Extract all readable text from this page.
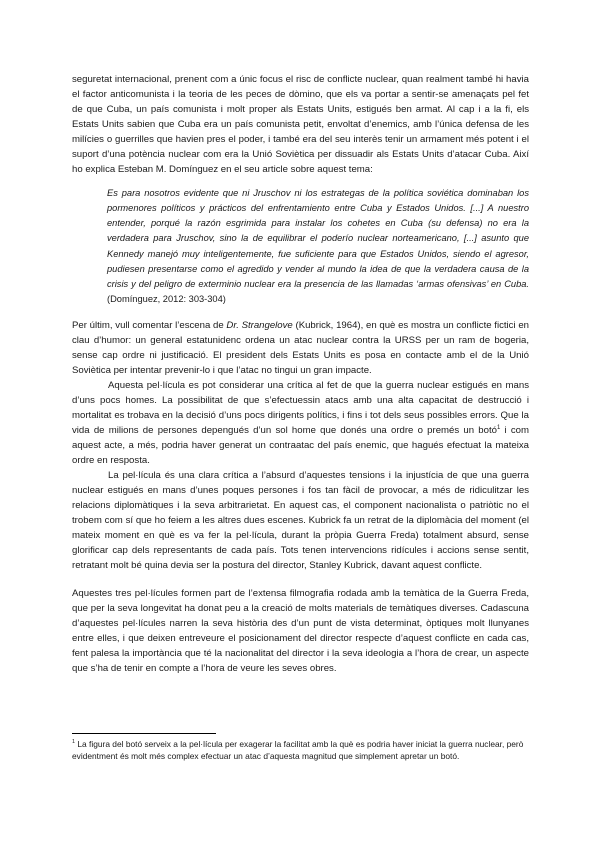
seguretat internacional, prenent com a únic focus el risc de conflicte nuclear, quan realment també hi havia el factor anticomunista i la teoria de les peces de dòmino, que els va portar a sentir-se amenaçats pel fet de que Cuba, un país comunista i molt proper als Estats Units, estigués ben armat. Al cap i a la fi, els Estats Units sabien que Cuba era un país comunista petit, envoltat d’enemics, amb l’única defensa de les milícies o guerrilles que havien pres el poder, i també era del seu interès tenir un armament més potent i el suport d’una potència nuclear com era la Unió Soviètica per dissuadir als Estats Units d’atacar Cuba. Així ho explica Esteban M. Domínguez en el seu article sobre aquest tema:

Es para nosotros evidente que ni Jruschov ni los estrategas de la política soviética dominaban los pormenores políticos y prácticos del enfrentamiento entre Cuba y Estados Unidos. [...] A nuestro entender, porqué la razón esgrimida para instalar los cohetes en Cuba (su defensa) no era la verdadera para Jruschov, sino la de equilibrar el poderío nuclear norteamericano, [...] asunto que Kennedy manejó muy inteligentemente, fue suficiente para que Estados Unidos, siendo el agresor, pudiesen presentarse como el agredido y vender al mundo la idea de que la verdadera causa de la crisis y del peligro de exterminio nuclear era la presencia de las llamadas ‘armas ofensivas’ en Cuba. (Domínguez, 2012: 303-304)

Per últim, vull comentar l’escena de Dr. Strangelove (Kubrick, 1964), en què es mostra un conflicte fictici en clau d’humor: un general estatunidenc ordena un atac nuclear contra la URSS per un ram de bogeria, sense cap ordre ni justificació. El president dels Estats Units es posa en contacte amb el de la Unió Soviètica per intentar prevenir-lo i que l’atac no tingui un gran impacte.

Aquesta pel·lícula es pot considerar una crítica al fet de que la guerra nuclear estigués en mans d’uns pocs homes. La possibilitat de que s’efectuessin atacs amb una alta capacitat de destrucció i mortalitat es trobava en la decisió d’uns pocs dirigents polítics, i fins i tot dels seus possibles errors. Que la vida de milions de persones depengués d’un sol home que donés una ordre o premés un botó$^1$ i com aquest acte, a més, podria haver generat un contraatac del país enemic, que hagués efectuat la mateixa ordre en resposta.

La pel·lícula és una clara crítica a l’absurd d’aquestes tensions i la injustícia de que una guerra nuclear estigués en mans d’unes poques persones i fos tan fàcil de provocar, a més de ridiculitzar les relacions diplomàtiques i la seva arbitrarietat. En aquest cas, el component nacionalista o patriòtic no el trobem com sí que ho feiem a les altres dues escenes. Kubrick fa un retrat de la diplomàcia del moment (el mateix moment en què es va fer la pel·lícula, durant la pròpia Guerra Freda) totalment absurd, sense glorificar cap dels representants de cada país. Tots tenen intervencions ridícules i accions sense sentit, retratant molt bé quina devia ser la postura del director, Stanley Kubrick, davant aquest conflicte.

Aquestes tres pel·lícules formen part de l’extensa filmografia rodada amb la temàtica de la Guerra Freda, que per la seva longevitat ha donat peu a la creació de molts materials de temàtiques diverses. Cadascuna d’aquestes pel·lícules narren la seva història des d’un punt de vista determinat, òptiques molt llunyanes entre elles, i que deixen entreveure el posicionament del director respecte d’aquest conflicte en cada cas, fent palesa la importància que té la nacionalitat del director i la seva ideologia a l’hora de crear, un aspecte que s’ha de tenir en compte a l’hora de veure les seves obres.

$^1$ La figura del botó serveix a la pel·lícula per exagerar la facilitat amb la què es podria haver iniciat la guerra nuclear, però evidentment és molt més complex efectuar un atac d’aquesta magnitud que simplement apretar un botó.
